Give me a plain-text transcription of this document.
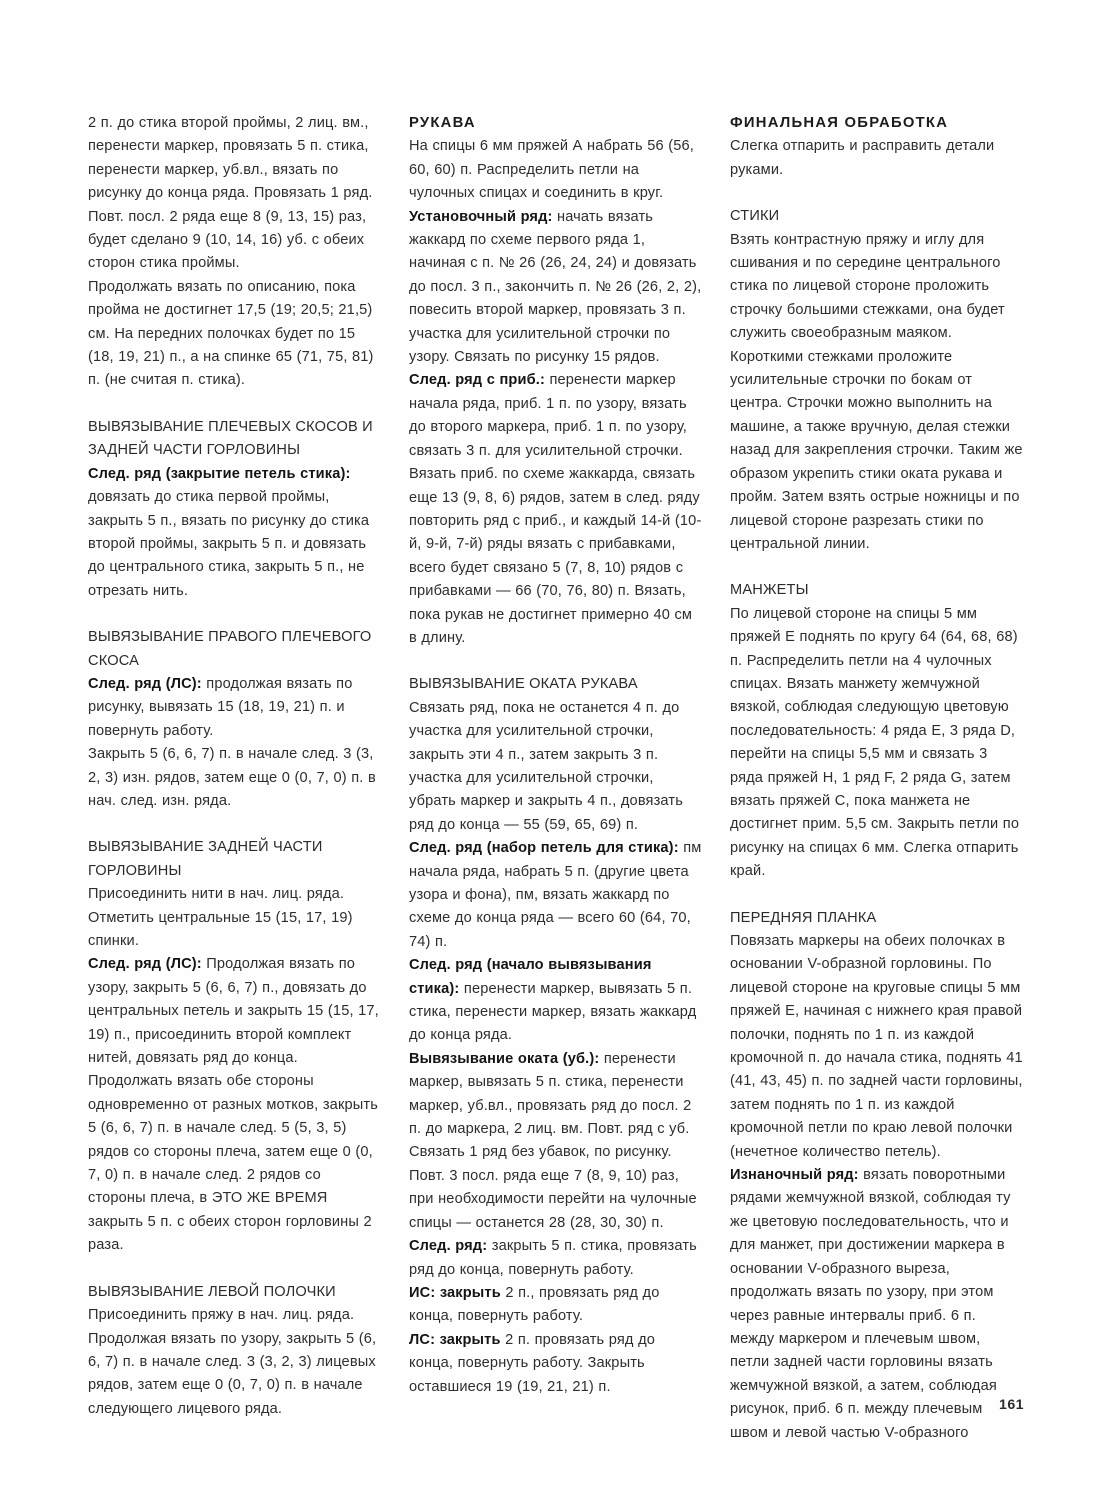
2 п. до стика второй проймы, 2 лиц. вм., перенести маркер, провязать 5 п. стика, перенести маркер, уб.вл., вязать по рисунку до конца ряда. Провязать 1 ряд. Повт. посл. 2 ряда еще 8 (9, 13, 15) раз, будет сделано 9 (10, 14, 16) уб. с обеих сторон стика проймы.

Продолжать вязать по описанию, пока пройма не достигнет 17,5 (19; 20,5; 21,5) см. На передних полочках будет по 15 (18, 19, 21) п., а на спинке 65 (71, 75, 81) п. (не считая п. стика).

ВЫВЯЗЫВАНИЕ ПЛЕЧЕВЫХ СКОСОВ И ЗАДНЕЙ ЧАСТИ ГОРЛОВИНЫ

След. ряд (закрытие петель стика): довязать до стика первой проймы, закрыть 5 п., вязать по рисунку до стика второй проймы, закрыть 5 п. и довязать до центрального стика, закрыть 5 п., не отрезать нить.

ВЫВЯЗЫВАНИЕ ПРАВОГО ПЛЕЧЕВОГО СКОСА

След. ряд (ЛС): продолжая вязать по рисунку, вывязать 15 (18, 19, 21) п. и повернуть работу.

Закрыть 5 (6, 6, 7) п. в начале след. 3 (3, 2, 3) изн. рядов, затем еще 0 (0, 7, 0) п. в нач. след. изн. ряда.

ВЫВЯЗЫВАНИЕ ЗАДНЕЙ ЧАСТИ ГОРЛОВИНЫ

Присоединить нити в нач. лиц. ряда. Отметить центральные 15 (15, 17, 19) спинки.

След. ряд (ЛС): Продолжая вязать по узору, закрыть 5 (6, 6, 7) п., довязать до центральных петель и закрыть 15 (15, 17, 19) п., присоединить второй комплект нитей, довязать ряд до конца.

Продолжать вязать обе стороны одновременно от разных мотков, закрыть 5 (6, 6, 7) п. в начале след. 5 (5, 3, 5) рядов со стороны плеча, затем еще 0 (0, 7, 0) п. в начале след. 2 рядов со стороны плеча, в ЭТО ЖЕ ВРЕМЯ закрыть 5 п. с обеих сторон горловины 2 раза.

ВЫВЯЗЫВАНИЕ ЛЕВОЙ ПОЛОЧКИ

Присоединить пряжу в нач. лиц. ряда. Продолжая вязать по узору, закрыть 5 (6, 6, 7) п. в начале след. 3 (3, 2, 3) лицевых рядов, затем еще 0 (0, 7, 0) п. в начале следующего лицевого ряда.

РУКАВА

На спицы 6 мм пряжей А набрать 56 (56, 60, 60) п. Распределить петли на чулочных спицах и соединить в круг.

Установочный ряд: начать вязать жаккард по схеме первого ряда 1, начиная с п. № 26 (26, 24, 24) и довязать до посл. 3 п., закончить п. № 26 (26, 2, 2), повесить второй маркер, провязать 3 п. участка для усилительной строчки по узору. Связать по рисунку 15 рядов.

След. ряд с приб.: перенести маркер начала ряда, приб. 1 п. по узору, вязать до второго маркера, приб. 1 п. по узору, связать 3 п. для усилительной строчки. Вязать приб. по схеме жаккарда, связать еще 13 (9, 8, 6) рядов, затем в след. ряду повторить ряд с приб., и каждый 14-й (10-й, 9-й, 7-й) ряды вязать с прибавками, всего будет связано 5 (7, 8, 10) рядов с прибавками — 66 (70, 76, 80) п. Вязать, пока рукав не достигнет примерно 40 см в длину.

ВЫВЯЗЫВАНИЕ ОКАТА РУКАВА

Связать ряд, пока не останется 4 п. до участка для усилительной строчки, закрыть эти 4 п., затем закрыть 3 п. участка для усилительной строчки, убрать маркер и закрыть 4 п., довязать ряд до конца — 55 (59, 65, 69) п.

След. ряд (набор петель для стика): пм начала ряда, набрать 5 п. (другие цвета узора и фона), пм, вязать жаккард по схеме до конца ряда — всего 60 (64, 70, 74) п.

След. ряд (начало вывязывания стика): перенести маркер, вывязать 5 п. стика, перенести маркер, вязать жаккард до конца ряда.

Вывязывание оката (уб.): перенести маркер, вывязать 5 п. стика, перенести маркер, уб.вл., провязать ряд до посл. 2 п. до маркера, 2 лиц. вм. Повт. ряд с уб. Связать 1 ряд без убавок, по рисунку. Повт. 3 посл. ряда еще 7 (8, 9, 10) раз, при необходимости перейти на чулочные спицы — останется 28 (28, 30, 30) п.

След. ряд: закрыть 5 п. стика, провязать ряд до конца, повернуть работу.

ИС: закрыть 2 п., провязать ряд до конца, повернуть работу.

ЛС: закрыть 2 п. провязать ряд до конца, повернуть работу. Закрыть оставшиеся 19 (19, 21, 21) п.

ФИНАЛЬНАЯ ОБРАБОТКА

Слегка отпарить и расправить детали руками.

СТИКИ

Взять контрастную пряжу и иглу для сшивания и по середине центрального стика по лицевой стороне проложить строчку большими стежками, она будет служить своеобразным маяком. Короткими стежками проложите усилительные строчки по бокам от центра. Строчки можно выполнить на машине, а также вручную, делая стежки назад для закрепления строчки. Таким же образом укрепить стики оката рукава и пройм. Затем взять острые ножницы и по лицевой стороне разрезать стики по центральной линии.

МАНЖЕТЫ

По лицевой стороне на спицы 5 мм пряжей Е поднять по кругу 64 (64, 68, 68) п. Распределить петли на 4 чулочных спицах. Вязать манжету жемчужной вязкой, соблюдая следующую цветовую последовательность: 4 ряда Е, 3 ряда D, перейти на спицы 5,5 мм и связать 3 ряда пряжей Н, 1 ряд F, 2 ряда G, затем вязать пряжей С, пока манжета не достигнет прим. 5,5 см. Закрыть петли по рисунку на спицах 6 мм. Слегка отпарить край.

ПЕРЕДНЯЯ ПЛАНКА

Повязать маркеры на обеих полочках в основании V-образной горловины. По лицевой стороне на круговые спицы 5 мм пряжей Е, начиная с нижнего края правой полочки, поднять по 1 п. из каждой кромочной п. до начала стика, поднять 41 (41, 43, 45) п. по задней части горловины, затем поднять по 1 п. из каждой кромочной петли по краю левой полочки (нечетное количество петель).

Изнаночный ряд: вязать поворотными рядами жемчужной вязкой, соблюдая ту же цветовую последовательность, что и для манжет, при достижении маркера в основании V-образного выреза, продолжать вязать по узору, при этом через равные интервалы приб. 6 п. между маркером и плечевым швом, петли задней части горловины вязать жемчужной вязкой, а затем, соблюдая рисунок, приб. 6 п. между плечевым швом и левой частью V-образного

161
